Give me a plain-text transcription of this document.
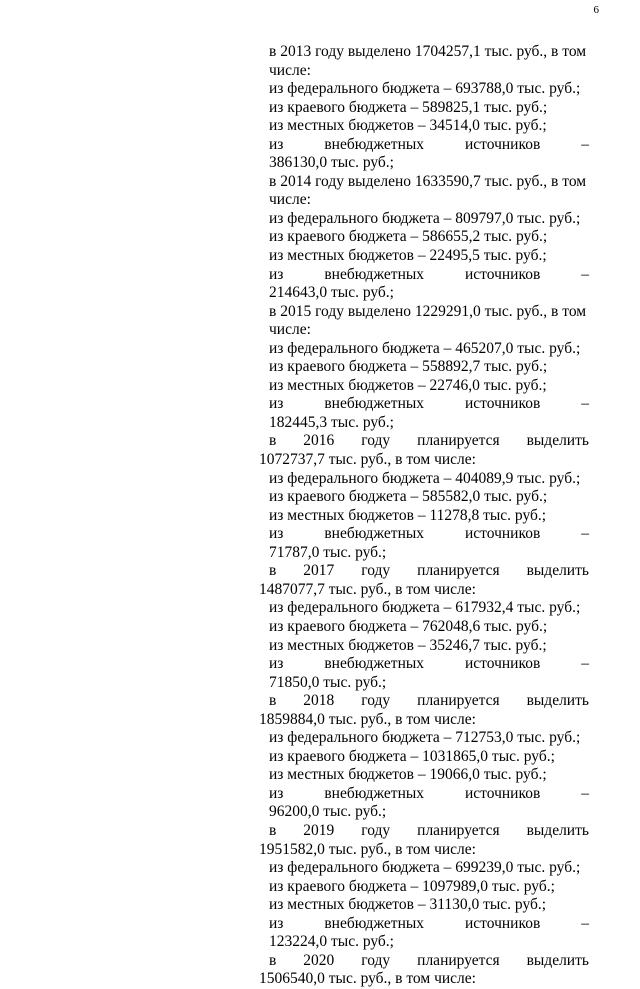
6
в 2013 году выделено 1704257,1 тыс. руб., в том
числе:
из федерального бюджета – 693788,0 тыс. руб.;
из краевого бюджета – 589825,1 тыс. руб.;
из местных бюджетов – 34514,0 тыс. руб.;
из	внебюджетных	источников	–
386130,0 тыс. руб.;
в 2014 году выделено 1633590,7 тыс. руб., в том
числе:
из федерального бюджета – 809797,0 тыс. руб.;
из краевого бюджета – 586655,2 тыс. руб.;
из местных бюджетов – 22495,5 тыс. руб.;
из	внебюджетных	источников	–
214643,0 тыс. руб.;
в 2015 году выделено 1229291,0 тыс. руб., в том
числе:
из федерального бюджета – 465207,0 тыс. руб.;
из краевого бюджета – 558892,7 тыс. руб.;
из местных бюджетов – 22746,0 тыс. руб.;
из	внебюджетных	источников	–
182445,3 тыс. руб.;
в 2016 году планируется выделить
1072737,7 тыс. руб., в том числе:
из федерального бюджета – 404089,9 тыс. руб.;
из краевого бюджета – 585582,0 тыс. руб.;
из местных бюджетов – 11278,8 тыс. руб.;
из	внебюджетных	источников	–
71787,0 тыс. руб.;
в 2017 году планируется выделить
1487077,7 тыс. руб., в том числе:
из федерального бюджета – 617932,4 тыс. руб.;
из краевого бюджета – 762048,6 тыс. руб.;
из местных бюджетов – 35246,7 тыс. руб.;
из	внебюджетных	источников	–
71850,0 тыс. руб.;
в 2018 году планируется выделить
1859884,0 тыс. руб., в том числе:
из федерального бюджета – 712753,0 тыс. руб.;
из краевого бюджета – 1031865,0 тыс. руб.;
из местных бюджетов – 19066,0 тыс. руб.;
из	внебюджетных	источников	–
96200,0 тыс. руб.;
в 2019 году планируется выделить
1951582,0 тыс. руб., в том числе:
из федерального бюджета – 699239,0 тыс. руб.;
из краевого бюджета – 1097989,0 тыс. руб.;
из местных бюджетов – 31130,0 тыс. руб.;
из	внебюджетных	источников	–
123224,0 тыс. руб.;
в 2020 году планируется выделить
1506540,0 тыс. руб., в том числе:
